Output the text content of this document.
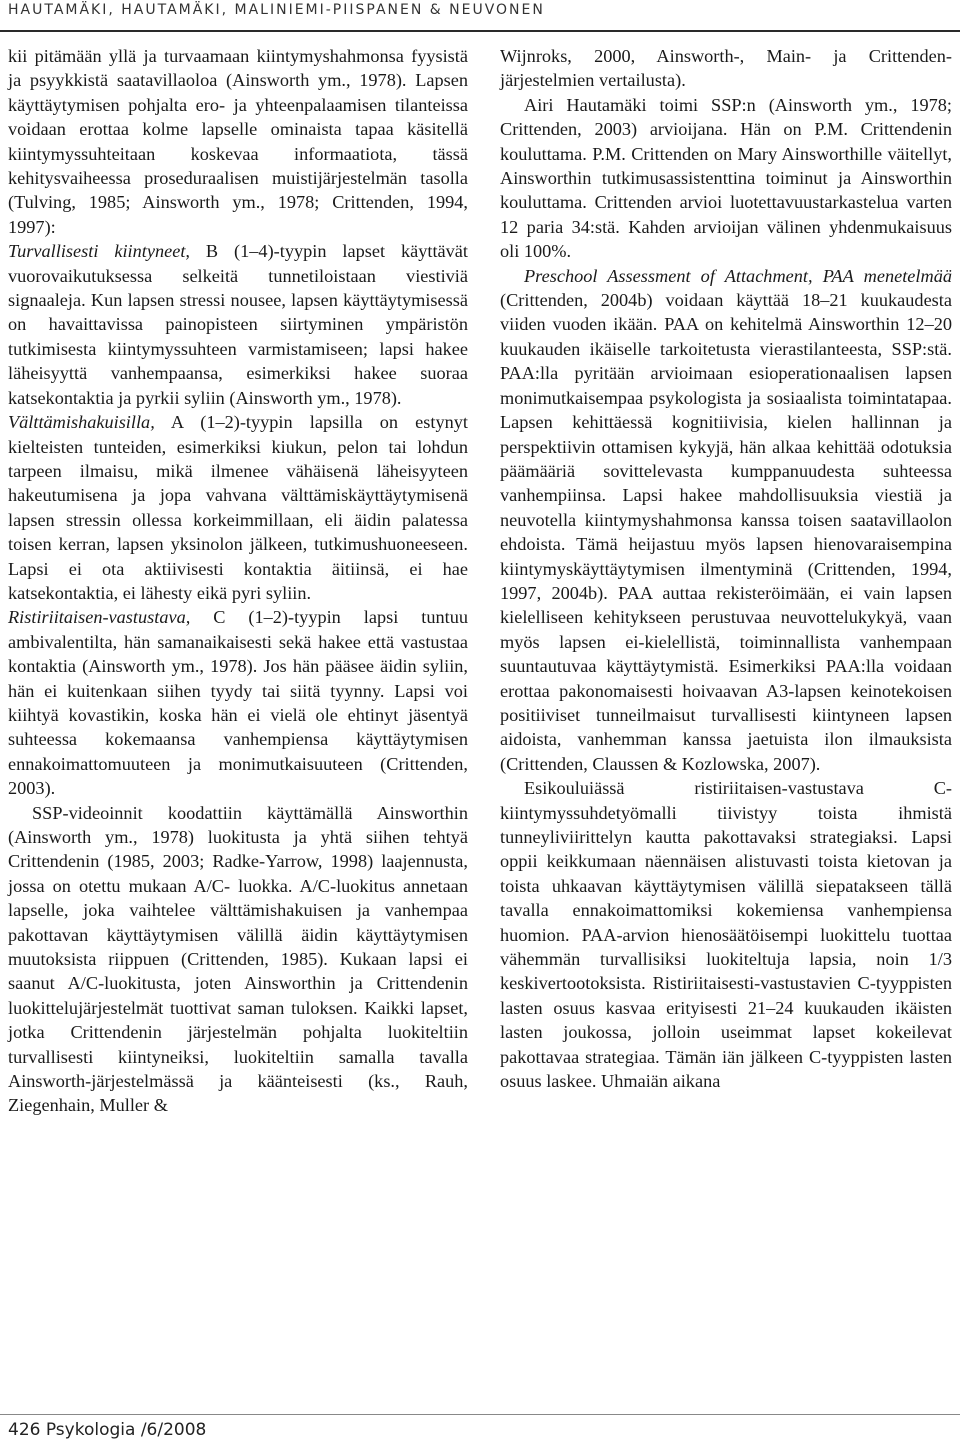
HAUTAMÄKI, HAUTAMÄKI, MALINIEMI-PIISPANEN & NEUVONEN

kii pitämään yllä ja turvaamaan kiintymyshahmonsa fyysistä ja psyykkistä saatavillaoloa (Ainsworth ym., 1978). Lapsen käyttäytymisen pohjalta ero- ja yhteenpalaamisen tilanteissa voidaan erottaa kolme lapselle ominaista tapaa käsitellä kiintymyssuhteitaan koskevaa informaatiota, tässä kehitysvaiheessa proseduraalisen muistijärjestelmän tasolla (Tulving, 1985; Ainsworth ym., 1978; Crittenden, 1994, 1997):

Turvallisesti kiintyneet, B (1–4)-tyypin lapset käyttävät vuorovaikutuksessa selkeitä tunnetiloistaan viestiviä signaaleja. Kun lapsen stressi nousee, lapsen käyttäytymisessä on havaittavissa painopisteen siirtyminen ympäristön tutkimisesta kiintymyssuhteen varmistamiseen; lapsi hakee läheisyyttä vanhempaansa, esimerkiksi hakee suoraa katsekontaktia ja pyrkii syliin (Ainsworth ym., 1978).

Välttämishakuisilla, A (1–2)-tyypin lapsilla on estynyt kielteisten tunteiden, esimerkiksi kiukun, pelon tai lohdun tarpeen ilmaisu, mikä ilmenee vähäisenä läheisyyteen hakeutumisena ja jopa vahvana välttämiskäyttäytymisenä lapsen stressin ollessa korkeimmillaan, eli äidin palatessa toisen kerran, lapsen yksinolon jälkeen, tutkimushuoneeseen. Lapsi ei ota aktiivisesti kontaktia äitiinsä, ei hae katsekontaktia, ei lähesty eikä pyri syliin.

Ristiriitaisen-vastustava, C (1–2)-tyypin lapsi tuntuu ambivalentilta, hän samanaikaisesti sekä hakee että vastustaa kontaktia (Ainsworth ym., 1978). Jos hän pääsee äidin syliin, hän ei kuitenkaan siihen tyydy tai siitä tyynny. Lapsi voi kiihtyä kovastikin, koska hän ei vielä ole ehtinyt jäsentyä suhteessa kokemaansa vanhempiensa käyttäytymisen ennakoimattomuuteen ja monimutkaisuuteen (Crittenden, 2003).

SSP-videoinnit koodattiin käyttämällä Ainsworthin (Ainsworth ym., 1978) luokitusta ja yhtä siihen tehtyä Crittendenin (1985, 2003; Radke-Yarrow, 1998) laajennusta, jossa on otettu mukaan A/C- luokka. A/C-luokitus annetaan lapselle, joka vaihtelee välttämishakuisen ja vanhempaa pakottavan käyttäytymisen välillä äidin käyttäytymisen muutoksista riippuen (Crittenden, 1985). Kukaan lapsi ei saanut A/C-luokitusta, joten Ainsworthin ja Crittendenin luokittelujärjestelmät tuottivat saman tuloksen. Kaikki lapset, jotka Crittendenin järjestelmän pohjalta luokiteltiin turvallisesti kiintyneiksi, luokiteltiin samalla tavalla Ainsworth-järjestelmässä ja käänteisesti (ks., Rauh, Ziegenhain, Muller &

Wijnroks, 2000, Ainsworth-, Main- ja Crittenden-järjestelmien vertailusta).

Airi Hautamäki toimi SSP:n (Ainsworth ym., 1978; Crittenden, 2003) arvioijana. Hän on P.M. Crittendenin kouluttama. P.M. Crittenden on Mary Ainsworthille väitellyt, Ainsworthin tutkimusassistenttina toiminut ja Ainsworthin kouluttama. Crittenden arvioi luotettavuustarkastelua varten 12 paria 34:stä. Kahden arvioijan välinen yhdenmukaisuus oli 100%.

Preschool Assessment of Attachment, PAA menetelmää (Crittenden, 2004b) voidaan käyttää 18–21 kuukaudesta viiden vuoden ikään. PAA on kehitelmä Ainsworthin 12–20 kuukauden ikäiselle tarkoitetusta vierastilanteesta, SSP:stä. PAA:lla pyritään arvioimaan esioperationaalisen lapsen monimutkaisempaa psykologista ja sosiaalista toimintatapaa. Lapsen kehittäessä kognitiivisia, kielen hallinnan ja perspektiivin ottamisen kykyjä, hän alkaa kehittää odotuksia päämääriä sovittelevasta kumppanuudesta suhteessa vanhempiinsa. Lapsi hakee mahdollisuuksia viestiä ja neuvotella kiintymyshahmonsa kanssa toisen saatavillaolon ehdoista. Tämä heijastuu myös lapsen hienovaraisempina kiintymyskäyttäytymisen ilmentyminä (Crittenden, 1994, 1997, 2004b). PAA auttaa rekisteröimään, ei vain lapsen kielelliseen kehitykseen perustuvaa neuvottelukykyä, vaan myös lapsen ei-kielellistä, toiminnallista vanhempaan suuntautuvaa käyttäytymistä. Esimerkiksi PAA:lla voidaan erottaa pakonomaisesti hoivaavan A3-lapsen keinotekoisen positiiviset tunneilmaisut turvallisesti kiintyneen lapsen aidoista, vanhemman kanssa jaetuista ilon ilmauksista (Crittenden, Claussen & Kozlowska, 2007).

Esikouluiässä ristiriitaisen-vastustava C-kiintymyssuhdetyömalli tiivistyy toista ihmistä tunneyliviirittelyn kautta pakottavaksi strategiaksi. Lapsi oppii keikkumaan näennäisen alistuvasti toista kietovan ja toista uhkaavan käyttäytymisen välillä siepatakseen tällä tavalla ennakoimattomiksi kokemiensa vanhempiensa huomion. PAA-arvion hienosäätöisempi luokittelu tuottaa vähemmän turvallisiksi luokiteltuja lapsia, noin 1/3 keskivertootoksista. Ristiriitaisesti-vastustavien C-tyyppisten lasten osuus kasvaa erityisesti 21–24 kuukauden ikäisten lasten joukossa, jolloin useimmat lapset kokeilevat pakottavaa strategiaa. Tämän iän jälkeen C-tyyppisten lasten osuus laskee. Uhmaiän aikana

426 Psykologia /6/2008
